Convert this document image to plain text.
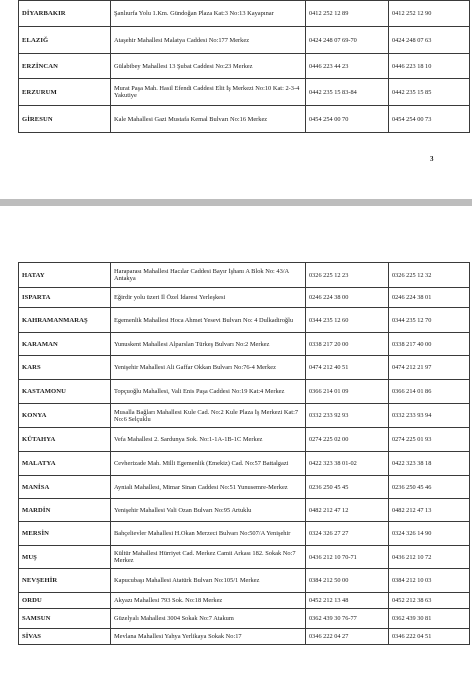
DİYARBAKIR	Şanlıurfa Yolu 1.Km. Gündoğan Plaza Kat:3 No:13 Kayapınar	0412 252 12 89	0412 252 12 90
ELAZIĞ	Ataşehir Mahallesi Malatya Caddesi No:177 Merkez	0424 248 07 69-70	0424 248 07 63
ERZİNCAN	Gülabibey Mahallesi 13 Şubat Caddesi No:23 Merkez	0446 223 44 23	0446 223 18 10
ERZURUM	Murat Paşa Mah. Hasil Efendi Caddesi Elit İş Merkezi No:10 Kat: 2-3-4 Yakutiye	0442 235 15 83-84	0442 235 15 85
GİRESUN	Kale Mahallesi Gazi Mustafa Kemal Bulvarı No:16 Merkez	0454 254 00 70	0454 254 00 73
3
HATAY	Haraparası Mahallesi Hacılar Caddesi Bayır İşhanı A Blok No: 43/A Antakya	0326 225 12 23	0326 225 12 32
ISPARTA	Eğirdir yolu üzeri İl Özel İdaresi Yerleşkesi	0246 224 38 00	0246 224 38 01
KAHRAMANMARAŞ	Egemenlik Mahallesi Hoca Ahmet Yesevi Bulvarı No: 4 Dulkadiroğlu	0344 235 12 60	0344 235 12 70
KARAMAN	Yunuskent Mahallesi Alparslan Türkeş Bulvarı No:2 Merkez	0338 217 20 00	0338 217 40 00
KARS	Yenişehir Mahallesi Ali Gaffar Okkan Bulvarı No:76-4 Merkez	0474 212 40 51	0474 212 21 97
KASTAMONU	Topçuoğlu Mahallesi, Vali Enis Paşa Caddesi No:19 Kat:4 Merkez	0366 214 01 09	0366 214 01 86
KONYA	Musalla Bağları Mahallesi Kule Cad. No:2 Kule Plaza İş Merkezi Kat:7 No:6 Selçuklu	0332 233 92 93	0332 233 93 94
KÜTAHYA	Vefa Mahallesi 2. Sardunya Sok. No:1-1A-1B-1C Merkez	0274 225 02 00	0274 225 01 93
MALATYA	Cevherizade Mah. Milli Egemenlik (Emekiz) Cad. No:57 Battalgazi	0422 323 38 01-02	0422 323 38 18
MANİSA	Ayniali Mahallesi, Mimar Sinan Caddesi No:51 Yunusemre-Merkez	0236 250 45 45	0236 250 45 46
MARDİN	Yenişehir Mahallesi Vali Ozan Bulvarı No:95 Artuklu	0482 212 47 12	0482 212 47 13
MERSİN	Bahçelievler Mahallesi H.Okan Merzeci Bulvarı No:507/A Yenişehir	0324 326 27 27	0324 326 14 90
MUŞ	Kültür Mahallesi Hürriyet Cad. Merkez Camii Arkası 182. Sokak No:7 Merkez	0436 212 10 70-71	0436 212 10 72
NEVŞEHİR	Kapucubaşı Mahallesi Atatürk Bulvarı No:105/1 Merkez	0384 212 50 00	0384 212 10 03
ORDU	Akyazı Mahallesi 793 Sok. No:18 Merkez	0452 212 13 48	0452 212 38 63
SAMSUN	Güzelyalı Mahallesi 3004 Sokak No:7 Atakum	0362 439 30 76-77	0362 439 30 81
SİVAS	Mevlana Mahallesi Yahya Yerlikaya Sokak No:17	0346 222 04 27	0346 222 04 51
